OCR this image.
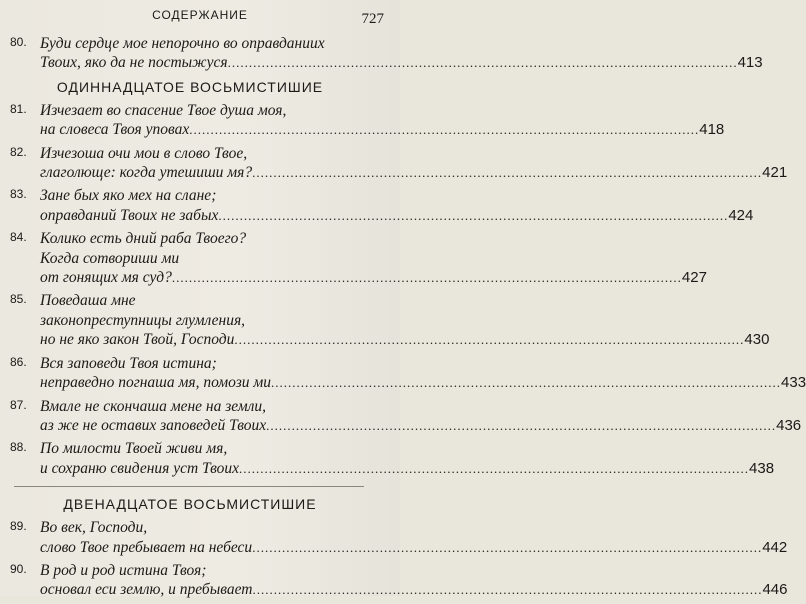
СОДЕРЖАНИЕ	727
80. Буди сердце мое непорочно во оправданиих
Твоих, яко да не постыжуся ........................................................................................................................ 413
ОДИННАДЦАТОЕ ВОСЬМИСТИШИЕ
81. Изчезает во спасение Твое душа моя,
на словеса Твоя уповах ........................................................................................................................ 418
82. Изчезоша очи мои в слово Твое,
глаголюще: когда утешиши мя? ........................................................................................................................ 421
83. Зане бых яко мех на слане;
оправданий Твоих не забых ........................................................................................................................ 424
84. Колико есть дний раба Твоего?
Когда сотвориши ми
от гонящих мя суд? ........................................................................................................................ 427
85. Поведаша мне
законопреступницы глумления,
но не яко закон Твой, Господи ........................................................................................................................ 430
86. Вся заповеди Твоя истина;
неправедно погнаша мя, помози ми ........................................................................................................................ 433
87. Вмале не скончаша мене на земли,
аз же не оставих заповедей Твоих ........................................................................................................................ 436
88. По милости Твоей живи мя,
и сохраню свидения уст Твоих ........................................................................................................................ 438
ДВЕНАДЦАТОЕ ВОСЬМИСТИШИЕ
89. Во век, Господи,
слово Твое пребывает на небеси ........................................................................................................................ 442
90. В род и род истина Твоя;
основал еси землю, и пребывает ........................................................................................................................ 446
